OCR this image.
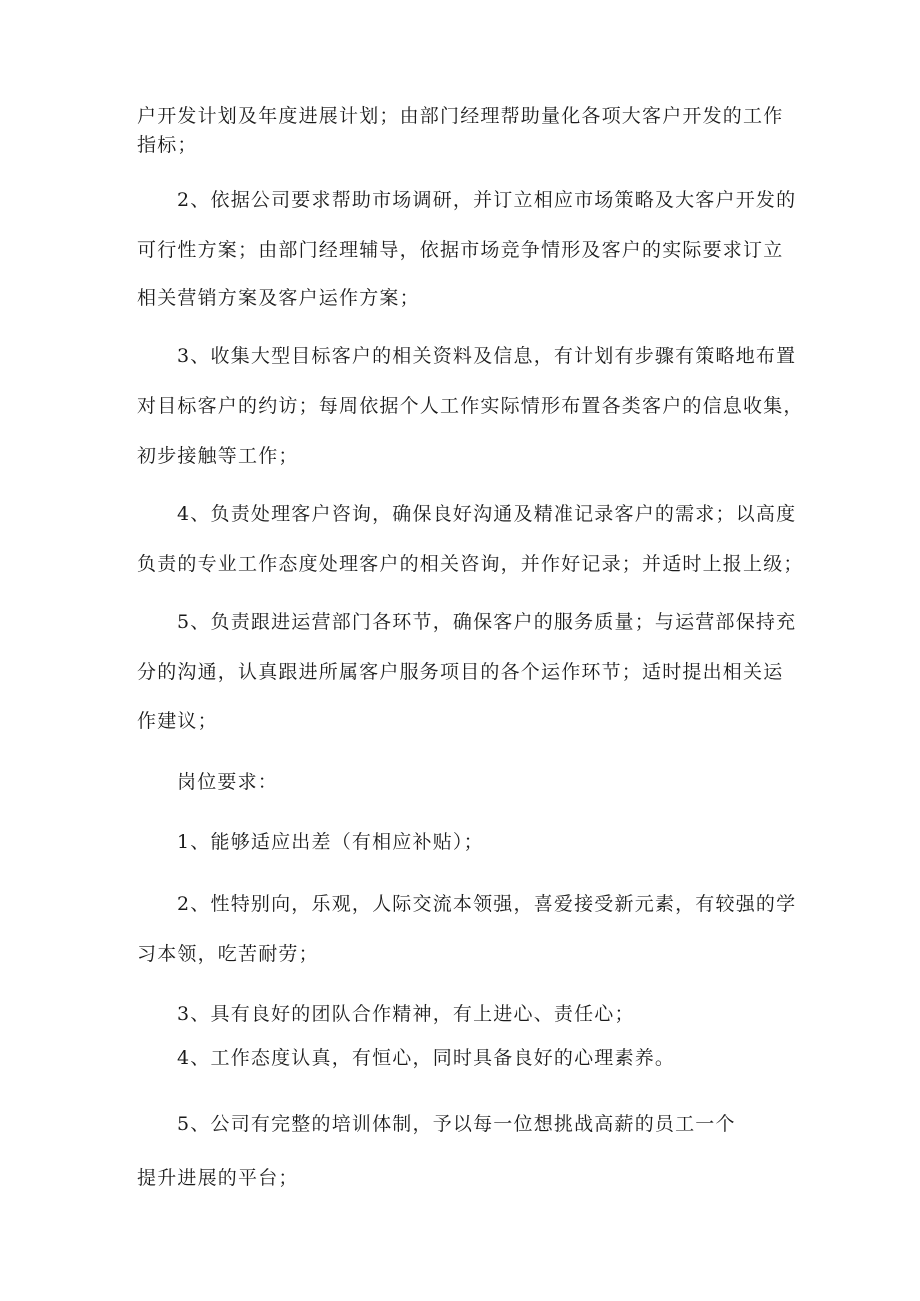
户开发计划及年度进展计划；由部门经理帮助量化各项大客户开发的工作
指标；
2、依据公司要求帮助市场调研，并订立相应市场策略及大客户开发的
可行性方案；由部门经理辅导，依据市场竞争情形及客户的实际要求订立
相关营销方案及客户运作方案；
3、收集大型目标客户的相关资料及信息，有计划有步骤有策略地布置
对目标客户的约访；每周依据个人工作实际情形布置各类客户的信息收集，
初步接触等工作；
4、负责处理客户咨询，确保良好沟通及精准记录客户的需求；以高度
负责的专业工作态度处理客户的相关咨询，并作好记录；并适时上报上级；
5、负责跟进运营部门各环节，确保客户的服务质量；与运营部保持充
分的沟通，认真跟进所属客户服务项目的各个运作环节；适时提出相关运
作建议；
岗位要求：
1、能够适应出差（有相应补贴）；
2、性特别向，乐观，人际交流本领强，喜爱接受新元素，有较强的学
习本领，吃苦耐劳；
3、具有良好的团队合作精神，有上进心、责任心；
4、工作态度认真，有恒心，同时具备良好的心理素养。
5、公司有完整的培训体制，予以每一位想挑战高薪的员工一个
提升进展的平台；
